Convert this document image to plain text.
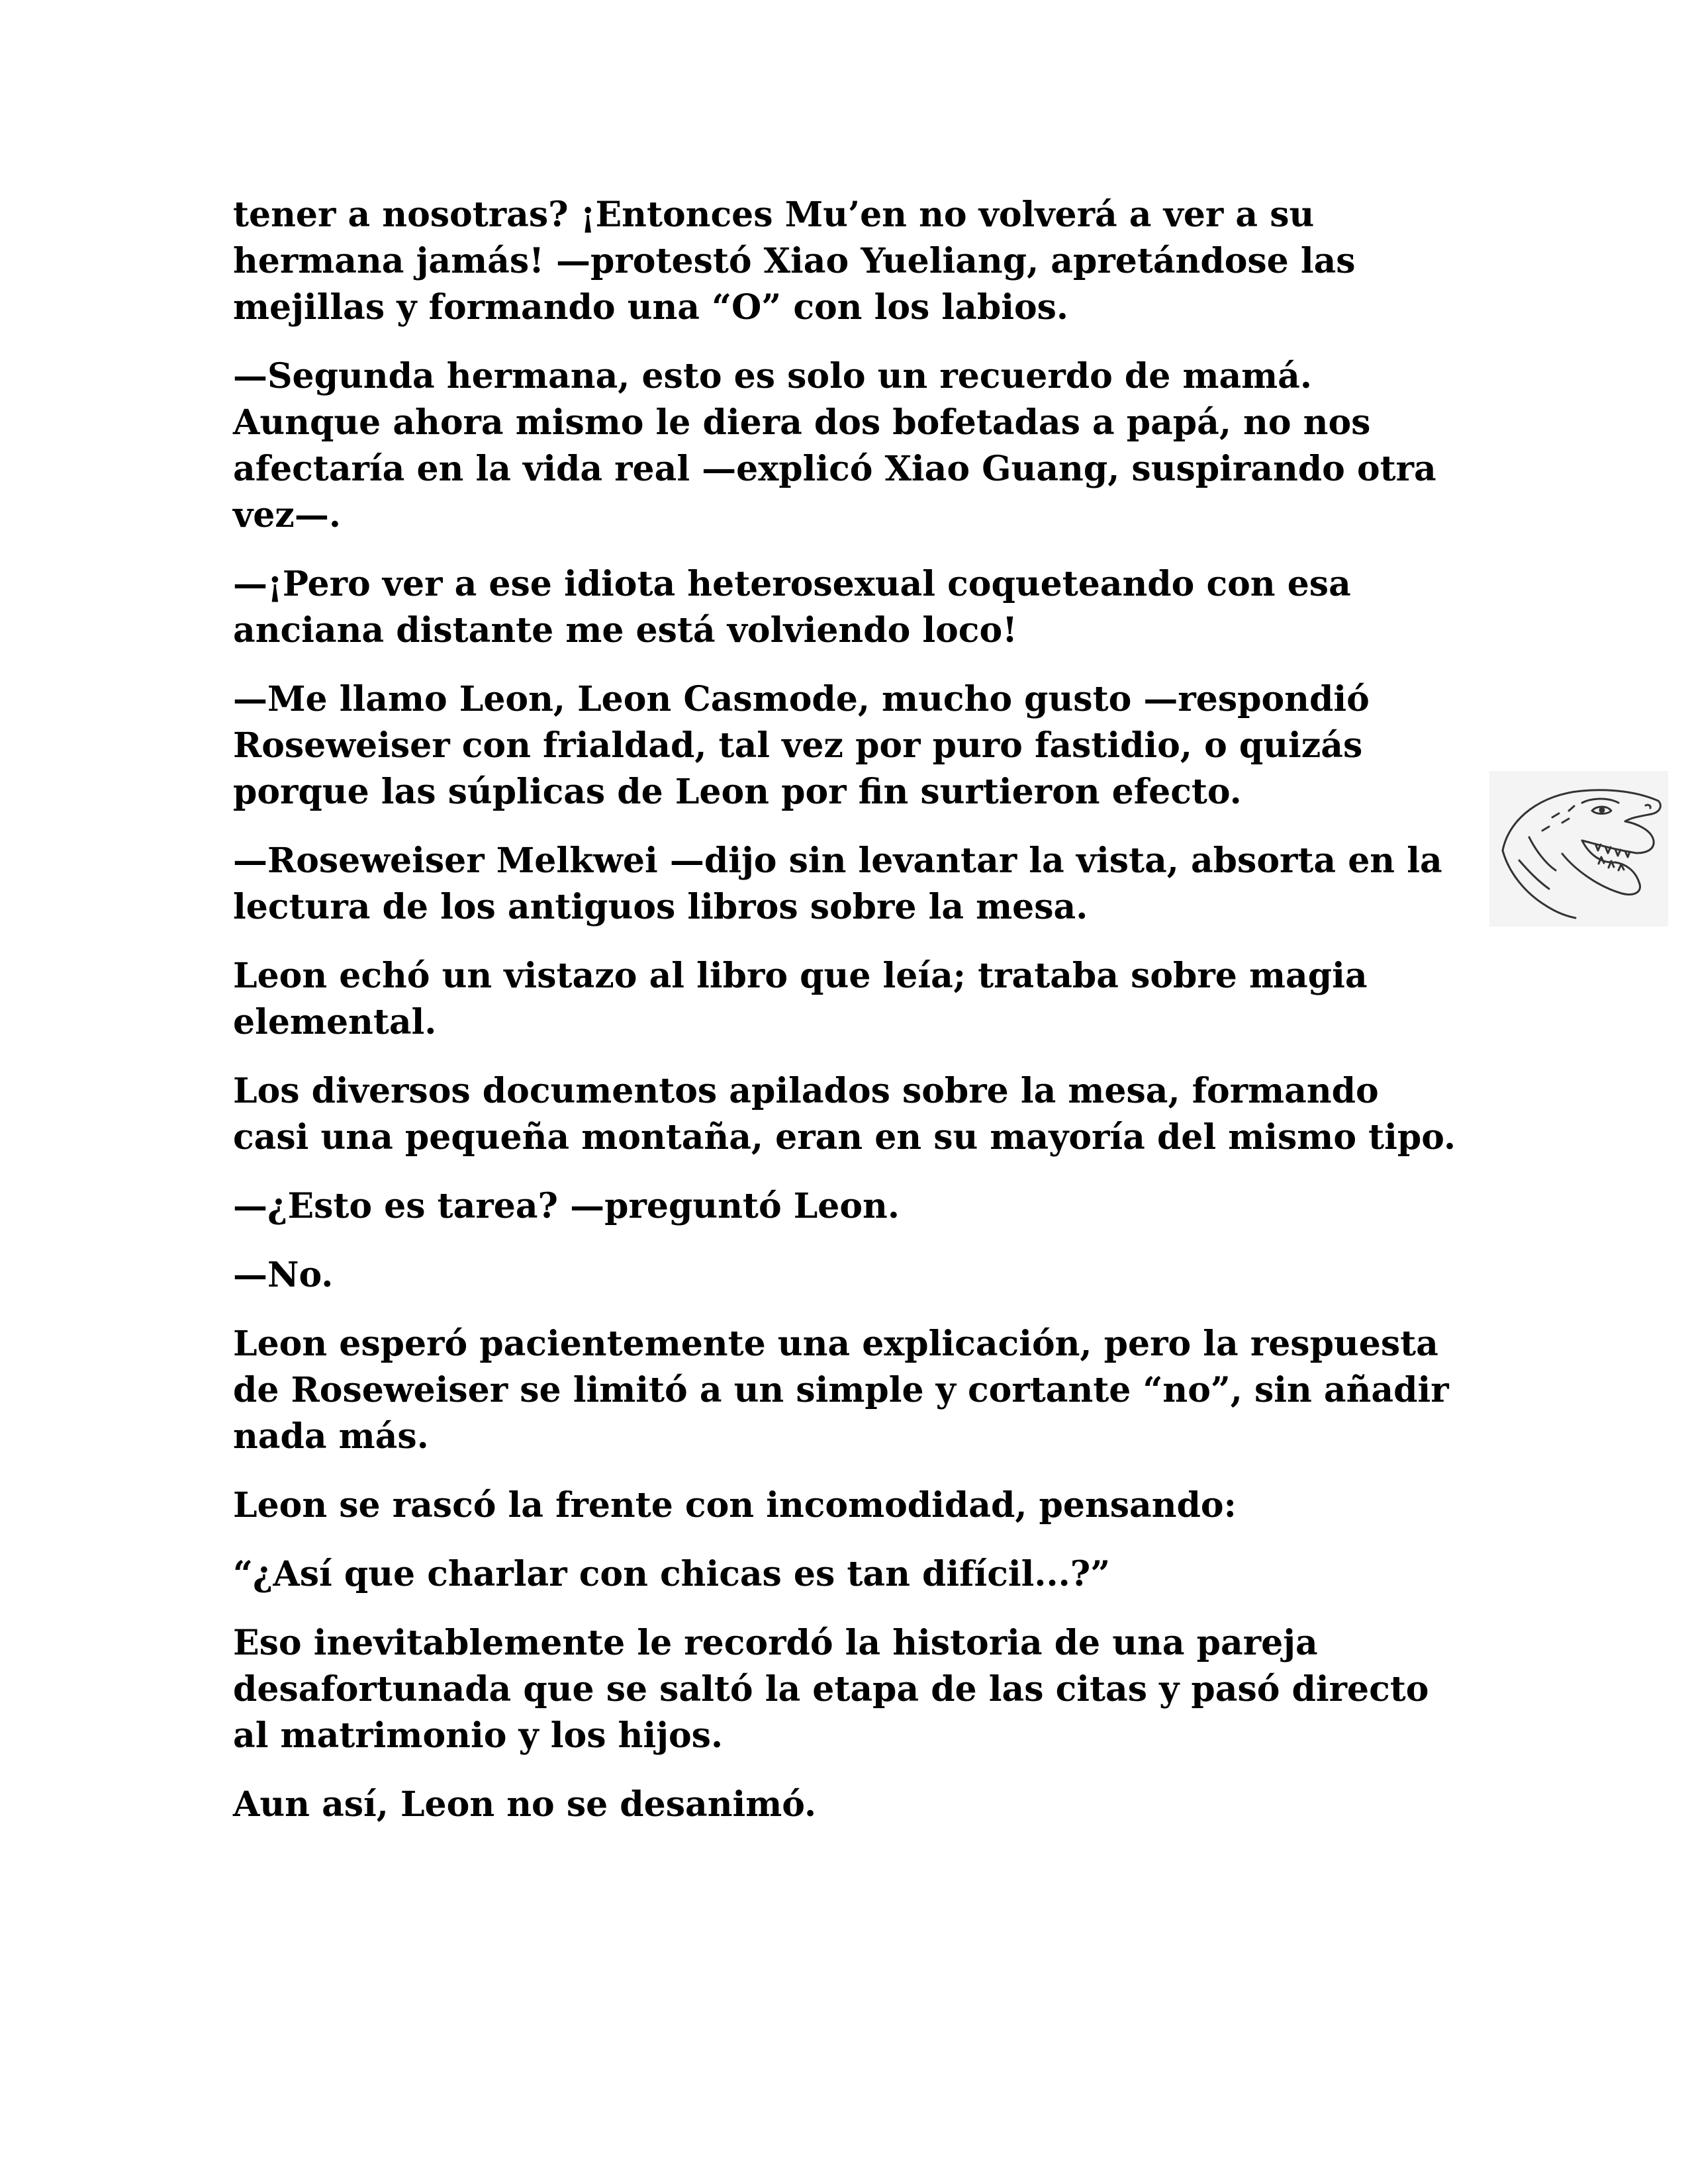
tener a nosotras? ¡Entonces Mu’en no volverá a ver a su hermana jamás! —protestó Xiao Yueliang, apretándose las mejillas y formando una “O” con los labios.

—Segunda hermana, esto es solo un recuerdo de mamá. Aunque ahora mismo le diera dos bofetadas a papá, no nos afectaría en la vida real —explicó Xiao Guang, suspirando otra vez—.

—¡Pero ver a ese idiota heterosexual coqueteando con esa anciana distante me está volviendo loco!

—Me llamo Leon, Leon Casmode, mucho gusto —respondió Roseweiser con frialdad, tal vez por puro fastidio, o quizás porque las súplicas de Leon por fin surtieron efecto.

—Roseweiser Melkwei —dijo sin levantar la vista, absorta en la lectura de los antiguos libros sobre la mesa.

Leon echó un vistazo al libro que leía; trataba sobre magia elemental.

Los diversos documentos apilados sobre la mesa, formando casi una pequeña montaña, eran en su mayoría del mismo tipo.

—¿Esto es tarea? —preguntó Leon.

—No.

Leon esperó pacientemente una explicación, pero la respuesta de Roseweiser se limitó a un simple y cortante “no”, sin añadir nada más.

Leon se rascó la frente con incomodidad, pensando:

“¿Así que charlar con chicas es tan difícil...?”

Eso inevitablemente le recordó la historia de una pareja desafortunada que se saltó la etapa de las citas y pasó directo al matrimonio y los hijos.

Aun así, Leon no se desanimó.
